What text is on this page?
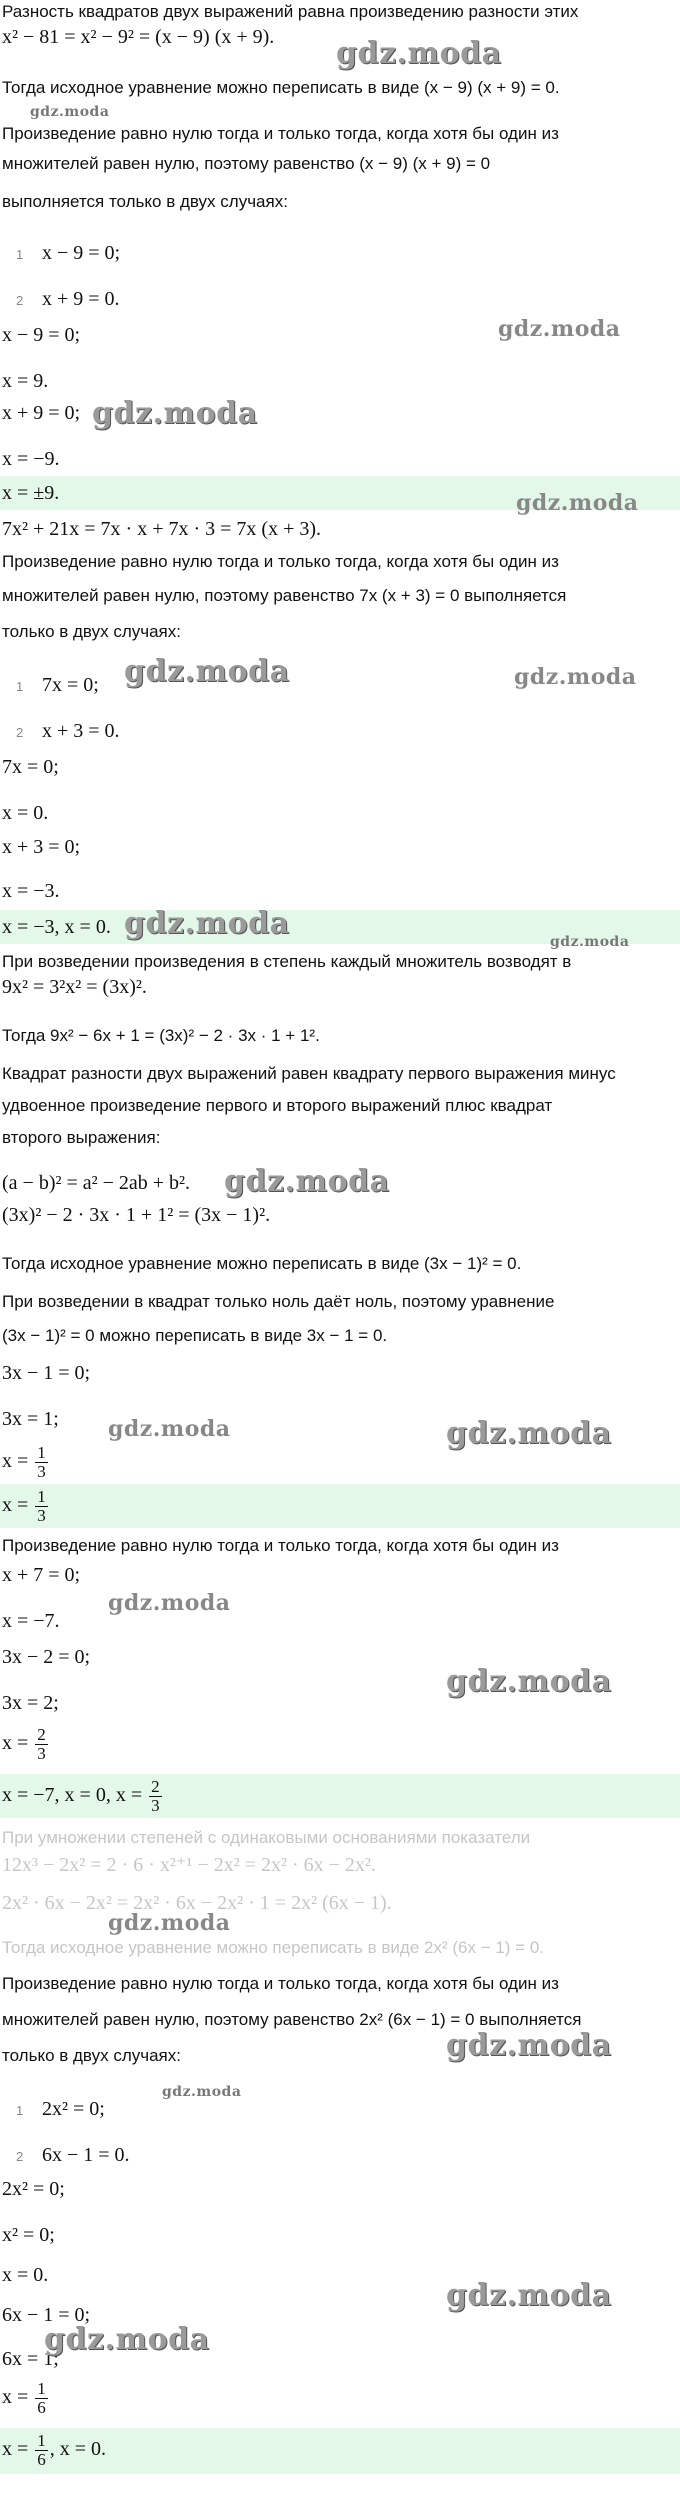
Разность квадратов двух выражений равна произведению разности этих
x² − 81 = x² − 9² = (x − 9) (x + 9).
Тогда исходное уравнение можно переписать в виде (x − 9) (x + 9) = 0.
Произведение равно нулю тогда и только тогда, когда хотя бы один из
множителей равен нулю, поэтому равенство (x − 9) (x + 9) = 0
выполняется только в двух случаях:
1 x − 9 = 0;
2 x + 9 = 0.
x − 9 = 0;
x = 9.
x + 9 = 0;
x = −9.
x = ±9.
7x² + 21x = 7x · x + 7x · 3 = 7x (x + 3).
Произведение равно нулю тогда и только тогда, когда хотя бы один из
множителей равен нулю, поэтому равенство 7x (x + 3) = 0 выполняется
только в двух случаях:
1 7x = 0;
2 x + 3 = 0.
7x = 0;
x = 0.
x + 3 = 0;
x = −3.
x = −3, x = 0.
При возведении произведения в степень каждый множитель возводят в
9x² = 3²x² = (3x)².
Тогда 9x² − 6x + 1 = (3x)² − 2 · 3x · 1 + 1².
Квадрат разности двух выражений равен квадрату первого выражения минус
удвоенное произведение первого и второго выражений плюс квадрат
второго выражения:
(a − b)² = a² − 2ab + b².
(3x)² − 2 · 3x · 1 + 1² = (3x − 1)².
Тогда исходное уравнение можно переписать в виде (3x − 1)² = 0.
При возведении в квадрат только ноль даёт ноль, поэтому уравнение
(3x − 1)² = 0 можно переписать в виде 3x − 1 = 0.
3x − 1 = 0;
3x = 1;
$x = \frac{1}{3}$
$x = \frac{1}{3}$
Произведение равно нулю тогда и только тогда, когда хотя бы один из
x + 7 = 0;
x = −7.
3x − 2 = 0;
3x = 2;
$x = \frac{2}{3}$
x = −7, x = 0, $x = \frac{2}{3}$
При умножении степеней с одинаковыми основаниями показатели
12x³ − 2x² = 2 · 6 · x²⁺¹ − 2x² = 2x² · 6x − 2x².
2x² · 6x − 2x² = 2x² · 6x − 2x² · 1 = 2x² (6x − 1).
Тогда исходное уравнение можно переписать в виде 2x² (6x − 1) = 0.
Произведение равно нулю тогда и только тогда, когда хотя бы один из
множителей равен нулю, поэтому равенство 2x² (6x − 1) = 0 выполняется
только в двух случаях:
1 2x² = 0;
2 6x − 1 = 0.
2x² = 0;
x² = 0;
x = 0.
6x − 1 = 0;
6x = 1;
$x = \frac{1}{6}$
$x = \frac{1}{6}$ , x = 0.
gdz.moda
gdz.moda
gdz.moda
gdz.moda
gdz.moda
gdz.moda	gdz.moda
gdz.moda
gdz.moda
gdz.moda
gdz.moda	gdz.moda
gdz.moda
gdz.moda
gdz.moda
gdz.moda
gdz.moda
gdz.moda
gdz.moda
